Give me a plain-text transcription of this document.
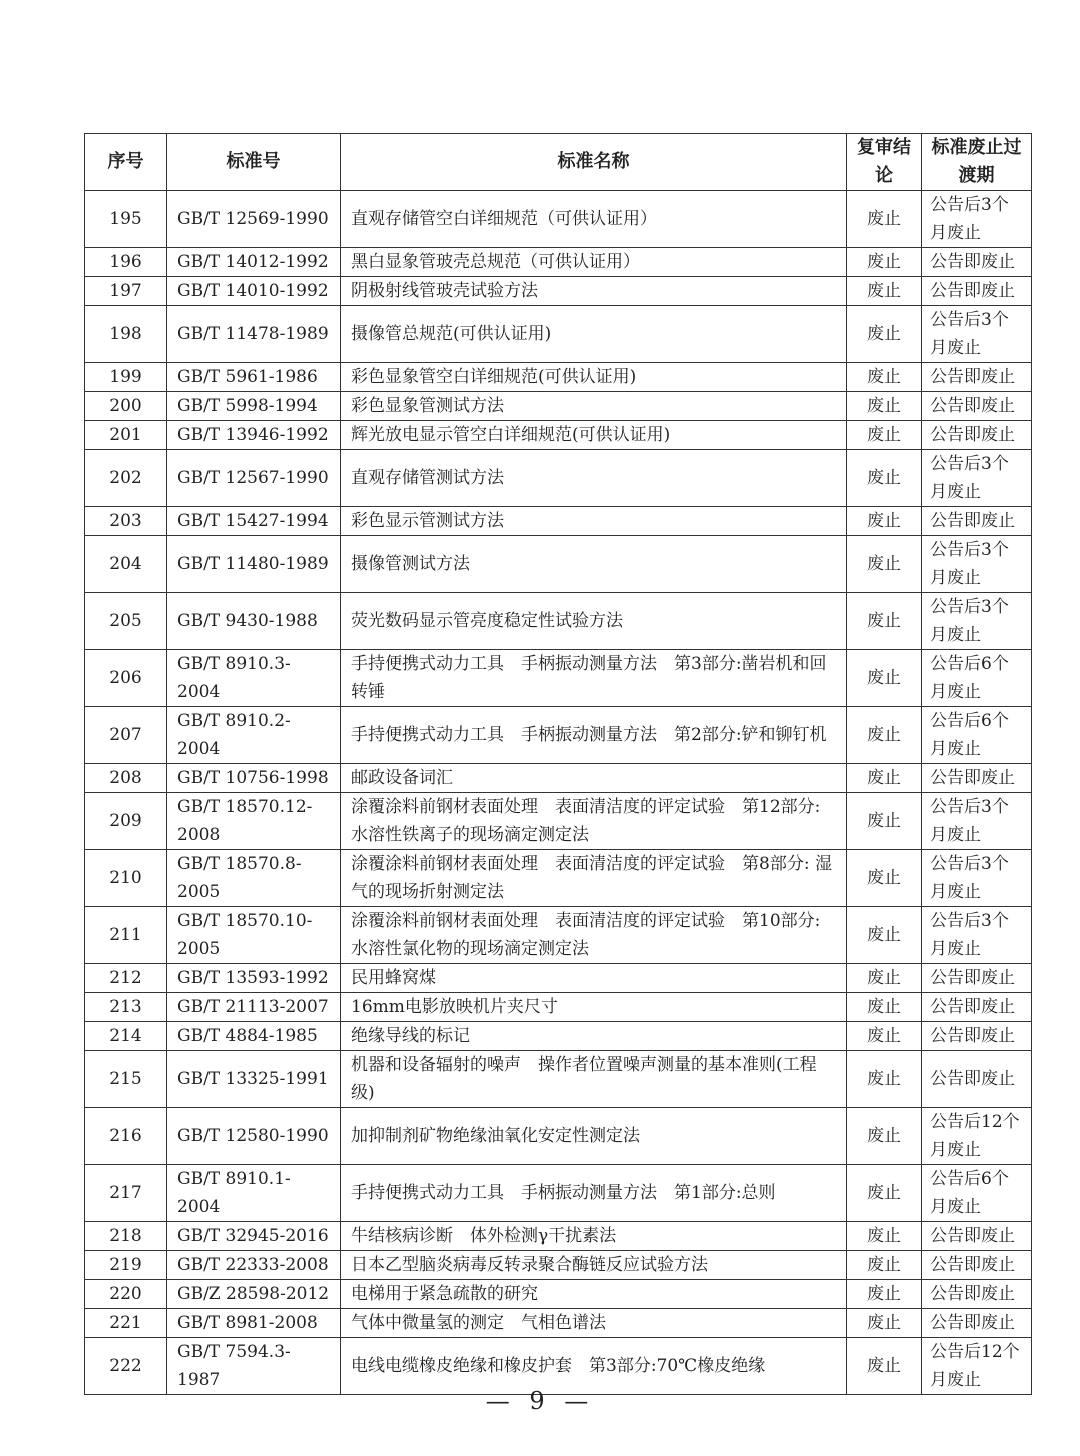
序号	标准号	标准名称	复审结论	标准废止过渡期
195	GB/T 12569-1990	直观存储管空白详细规范（可供认证用）	废止	公告后3个月废止
196	GB/T 14012-1992	黑白显象管玻壳总规范（可供认证用）	废止	公告即废止
197	GB/T 14010-1992	阴极射线管玻壳试验方法	废止	公告即废止
198	GB/T 11478-1989	摄像管总规范(可供认证用)	废止	公告后3个月废止
199	GB/T 5961-1986	彩色显象管空白详细规范(可供认证用)	废止	公告即废止
200	GB/T 5998-1994	彩色显象管测试方法	废止	公告即废止
201	GB/T 13946-1992	辉光放电显示管空白详细规范(可供认证用)	废止	公告即废止
202	GB/T 12567-1990	直观存储管测试方法	废止	公告后3个月废止
203	GB/T 15427-1994	彩色显示管测试方法	废止	公告即废止
204	GB/T 11480-1989	摄像管测试方法	废止	公告后3个月废止
205	GB/T 9430-1988	荧光数码显示管亮度稳定性试验方法	废止	公告后3个月废止
206	GB/T 8910.3-2004	手持便携式动力工具　手柄振动测量方法　第3部分:凿岩机和回转锤	废止	公告后6个月废止
207	GB/T 8910.2-2004	手持便携式动力工具　手柄振动测量方法　第2部分:铲和铆钉机	废止	公告后6个月废止
208	GB/T 10756-1998	邮政设备词汇	废止	公告即废止
209	GB/T 18570.12-2008	涂覆涂料前钢材表面处理　表面清洁度的评定试验　第12部分: 水溶性铁离子的现场滴定测定法	废止	公告后3个月废止
210	GB/T 18570.8-2005	涂覆涂料前钢材表面处理　表面清洁度的评定试验　第8部分: 湿气的现场折射测定法	废止	公告后3个月废止
211	GB/T 18570.10-2005	涂覆涂料前钢材表面处理　表面清洁度的评定试验　第10部分: 水溶性氯化物的现场滴定测定法	废止	公告后3个月废止
212	GB/T 13593-1992	民用蜂窝煤	废止	公告即废止
213	GB/T 21113-2007	16mm电影放映机片夹尺寸	废止	公告即废止
214	GB/T 4884-1985	绝缘导线的标记	废止	公告即废止
215	GB/T 13325-1991	机器和设备辐射的噪声　操作者位置噪声测量的基本准则(工程级)	废止	公告即废止
216	GB/T 12580-1990	加抑制剂矿物绝缘油氧化安定性测定法	废止	公告后12个月废止
217	GB/T 8910.1-2004	手持便携式动力工具　手柄振动测量方法　第1部分:总则	废止	公告后6个月废止
218	GB/T 32945-2016	牛结核病诊断　体外检测γ干扰素法	废止	公告即废止
219	GB/T 22333-2008	日本乙型脑炎病毒反转录聚合酶链反应试验方法	废止	公告即废止
220	GB/Z 28598-2012	电梯用于紧急疏散的研究	废止	公告即废止
221	GB/T 8981-2008	气体中微量氢的测定　气相色谱法	废止	公告即废止
222	GB/T 7594.3-1987	电线电缆橡皮绝缘和橡皮护套　第3部分:70℃橡皮绝缘	废止	公告后12个月废止
— 9 —
